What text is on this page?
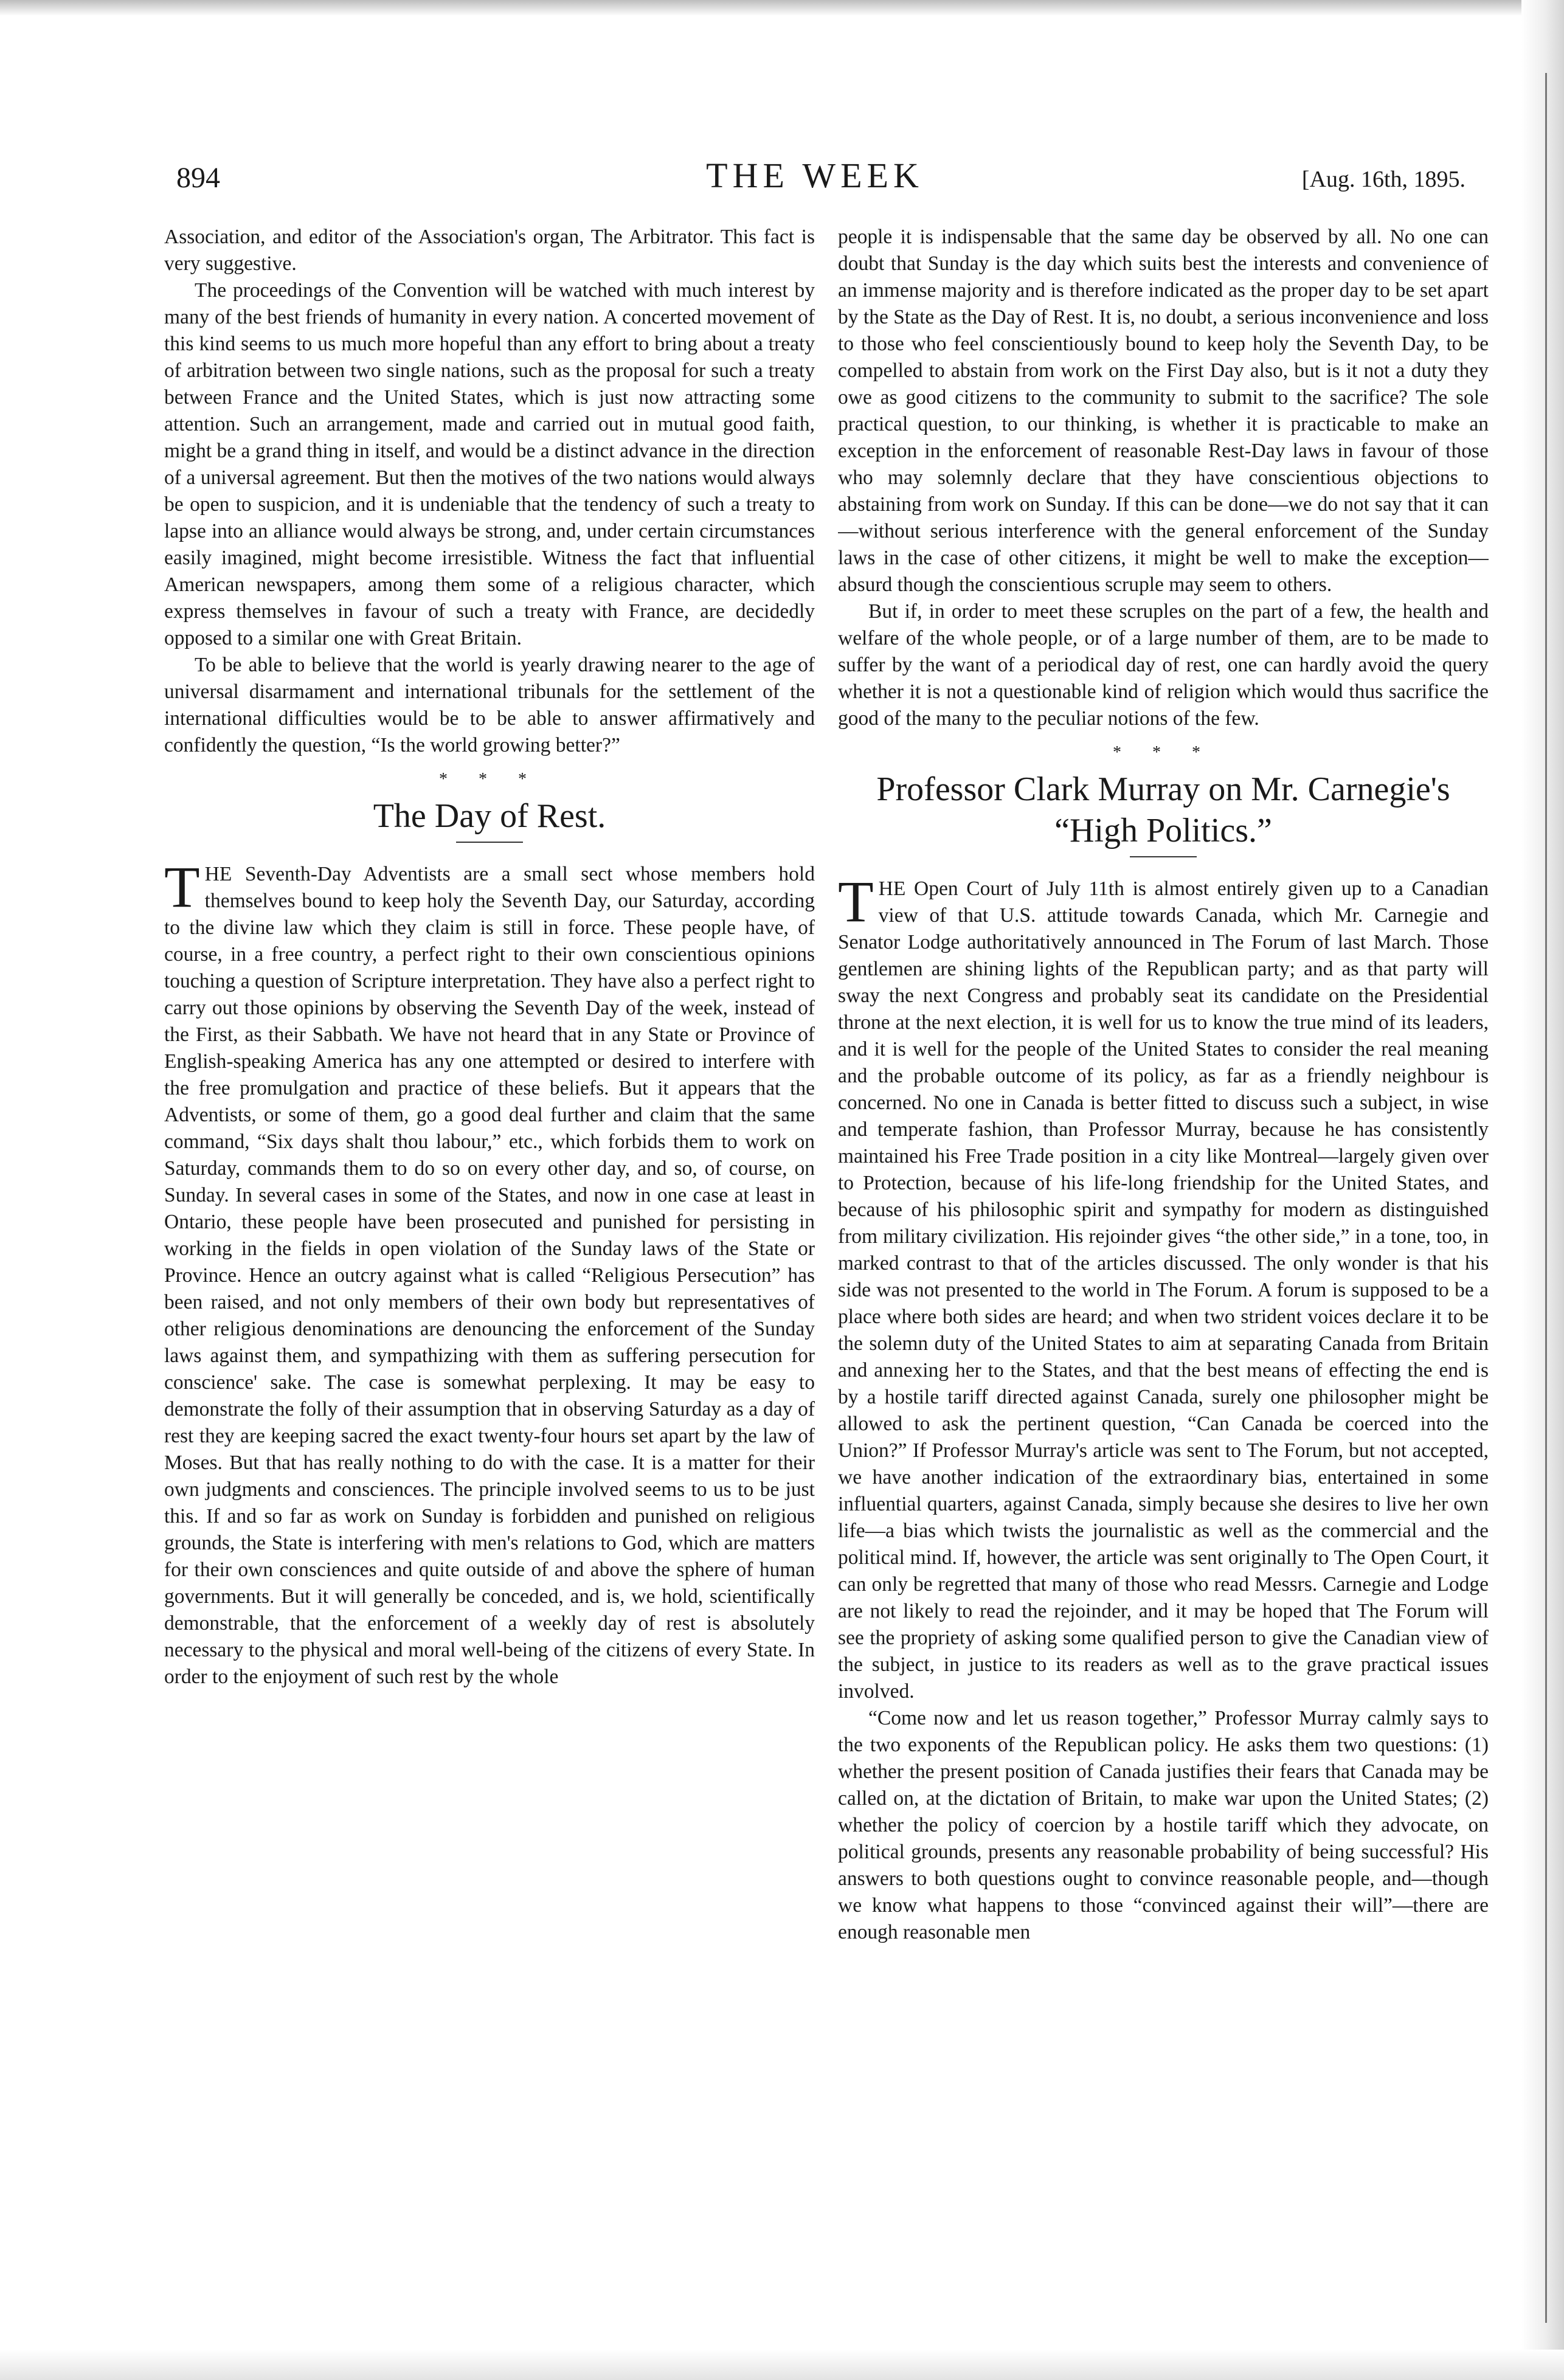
894	THE WEEK	[Aug. 16th, 1895.

Association, and editor of the Association's organ, The Arbitrator. This fact is very suggestive.

The proceedings of the Convention will be watched with much interest by many of the best friends of humanity in every nation. A concerted movement of this kind seems to us much more hopeful than any effort to bring about a treaty of arbitration between two single nations, such as the proposal for such a treaty between France and the United States, which is just now attracting some attention. Such an arrangement, made and carried out in mutual good faith, might be a grand thing in itself, and would be a distinct advance in the direction of a universal agreement. But then the motives of the two nations would always be open to suspicion, and it is undeniable that the tendency of such a treaty to lapse into an alliance would always be strong, and, under certain circumstances easily imagined, might become irresistible. Witness the fact that influential American newspapers, among them some of a religious character, which express themselves in favour of such a treaty with France, are decidedly opposed to a similar one with Great Britain.

To be able to believe that the world is yearly drawing nearer to the age of universal disarmament and international tribunals for the settlement of the international difficulties would be to be able to answer affirmatively and confidently the question, “Is the world growing better?”

* * *
The Day of Rest.

THE Seventh-Day Adventists are a small sect whose members hold themselves bound to keep holy the Seventh Day, our Saturday, according to the divine law which they claim is still in force. These people have, of course, in a free country, a perfect right to their own conscientious opinions touching a question of Scripture interpretation. They have also a perfect right to carry out those opinions by observing the Seventh Day of the week, instead of the First, as their Sabbath. We have not heard that in any State or Province of English-speaking America has any one attempted or desired to interfere with the free promulgation and practice of these beliefs. But it appears that the Adventists, or some of them, go a good deal further and claim that the same command, “Six days shalt thou labour,” etc., which forbids them to work on Saturday, commands them to do so on every other day, and so, of course, on Sunday. In several cases in some of the States, and now in one case at least in Ontario, these people have been prosecuted and punished for persisting in working in the fields in open violation of the Sunday laws of the State or Province. Hence an outcry against what is called “Religious Persecution” has been raised, and not only members of their own body but representatives of other religious denominations are denouncing the enforcement of the Sunday laws against them, and sympathizing with them as suffering persecution for conscience' sake. The case is somewhat perplexing. It may be easy to demonstrate the folly of their assumption that in observing Saturday as a day of rest they are keeping sacred the exact twenty-four hours set apart by the law of Moses. But that has really nothing to do with the case. It is a matter for their own judgments and consciences. The principle involved seems to us to be just this. If and so far as work on Sunday is forbidden and punished on religious grounds, the State is interfering with men's relations to God, which are matters for their own consciences and quite outside of and above the sphere of human governments. But it will generally be conceded, and is, we hold, scientifically demonstrable, that the enforcement of a weekly day of rest is absolutely necessary to the physical and moral well-being of the citizens of every State. In order to the enjoyment of such rest by the whole

people it is indispensable that the same day be observed by all. No one can doubt that Sunday is the day which suits best the interests and convenience of an immense majority and is therefore indicated as the proper day to be set apart by the State as the Day of Rest. It is, no doubt, a serious inconvenience and loss to those who feel conscientiously bound to keep holy the Seventh Day, to be compelled to abstain from work on the First Day also, but is it not a duty they owe as good citizens to the community to submit to the sacrifice? The sole practical question, to our thinking, is whether it is practicable to make an exception in the enforcement of reasonable Rest-Day laws in favour of those who may solemnly declare that they have conscientious objections to abstaining from work on Sunday. If this can be done—we do not say that it can—without serious interference with the general enforcement of the Sunday laws in the case of other citizens, it might be well to make the exception—absurd though the conscientious scruple may seem to others.

But if, in order to meet these scruples on the part of a few, the health and welfare of the whole people, or of a large number of them, are to be made to suffer by the want of a periodical day of rest, one can hardly avoid the query whether it is not a questionable kind of religion which would thus sacrifice the good of the many to the peculiar notions of the few.

* * *
Professor Clark Murray on Mr. Carnegie's “High Politics.”

THE Open Court of July 11th is almost entirely given up to a Canadian view of that U.S. attitude towards Canada, which Mr. Carnegie and Senator Lodge authoritatively announced in The Forum of last March. Those gentlemen are shining lights of the Republican party; and as that party will sway the next Congress and probably seat its candidate on the Presidential throne at the next election, it is well for us to know the true mind of its leaders, and it is well for the people of the United States to consider the real meaning and the probable outcome of its policy, as far as a friendly neighbour is concerned. No one in Canada is better fitted to discuss such a subject, in wise and temperate fashion, than Professor Murray, because he has consistently maintained his Free Trade position in a city like Montreal—largely given over to Protection, because of his life-long friendship for the United States, and because of his philosophic spirit and sympathy for modern as distinguished from military civilization. His rejoinder gives “the other side,” in a tone, too, in marked contrast to that of the articles discussed. The only wonder is that his side was not presented to the world in The Forum. A forum is supposed to be a place where both sides are heard; and when two strident voices declare it to be the solemn duty of the United States to aim at separating Canada from Britain and annexing her to the States, and that the best means of effecting the end is by a hostile tariff directed against Canada, surely one philosopher might be allowed to ask the pertinent question, “Can Canada be coerced into the Union?” If Professor Murray's article was sent to The Forum, but not accepted, we have another indication of the extraordinary bias, entertained in some influential quarters, against Canada, simply because she desires to live her own life—a bias which twists the journalistic as well as the commercial and the political mind. If, however, the article was sent originally to The Open Court, it can only be regretted that many of those who read Messrs. Carnegie and Lodge are not likely to read the rejoinder, and it may be hoped that The Forum will see the propriety of asking some qualified person to give the Canadian view of the subject, in justice to its readers as well as to the grave practical issues involved.

“Come now and let us reason together,” Professor Murray calmly says to the two exponents of the Republican policy. He asks them two questions: (1) whether the present position of Canada justifies their fears that Canada may be called on, at the dictation of Britain, to make war upon the United States; (2) whether the policy of coercion by a hostile tariff which they advocate, on political grounds, presents any reasonable probability of being successful? His answers to both questions ought to convince reasonable people, and—though we know what happens to those “convinced against their will”—there are enough reasonable men
